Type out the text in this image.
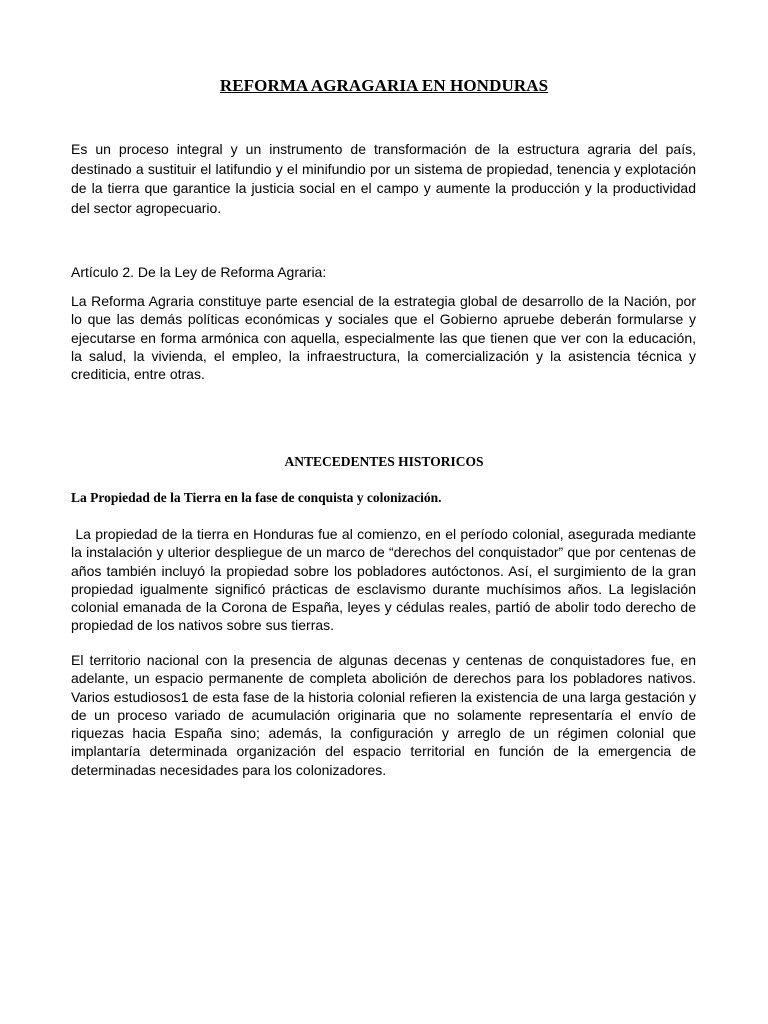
REFORMA AGRAGARIA EN HONDURAS

Es un proceso integral y un instrumento de transformación de la estructura agraria del país, destinado a sustituir el latifundio y el minifundio por un sistema de propiedad, tenencia y explotación de la tierra que garantice la justicia social en el campo y aumente la producción y la productividad del sector agropecuario.

Artículo 2. De la Ley de Reforma Agraria:

La Reforma Agraria constituye parte esencial de la estrategia global de desarrollo de la Nación, por lo que las demás políticas económicas y sociales que el Gobierno apruebe deberán formularse y ejecutarse en forma armónica con aquella, especialmente las que tienen que ver con la educación, la salud, la vivienda, el empleo, la infraestructura, la comercialización y la asistencia técnica y crediticia, entre otras.

ANTECEDENTES HISTORICOS
La Propiedad de la Tierra en la fase de conquista y colonización.

La propiedad de la tierra en Honduras fue al comienzo, en el período colonial, asegurada mediante la instalación y ulterior despliegue de un marco de “derechos del conquistador” que por centenas de años también incluyó la propiedad sobre los pobladores autóctonos. Así, el surgimiento de la gran propiedad igualmente significó prácticas de esclavismo durante muchísimos años. La legislación colonial emanada de la Corona de España, leyes y cédulas reales, partió de abolir todo derecho de propiedad de los nativos sobre sus tierras.

El territorio nacional con la presencia de algunas decenas y centenas de conquistadores fue, en adelante, un espacio permanente de completa abolición de derechos para los pobladores nativos. Varios estudiosos1 de esta fase de la historia colonial refieren la existencia de una larga gestación y de un proceso variado de acumulación originaria que no solamente representaría el envío de riquezas hacia España sino; además, la configuración y arreglo de un régimen colonial que implantaría determinada organización del espacio territorial en función de la emergencia de determinadas necesidades para los colonizadores.
